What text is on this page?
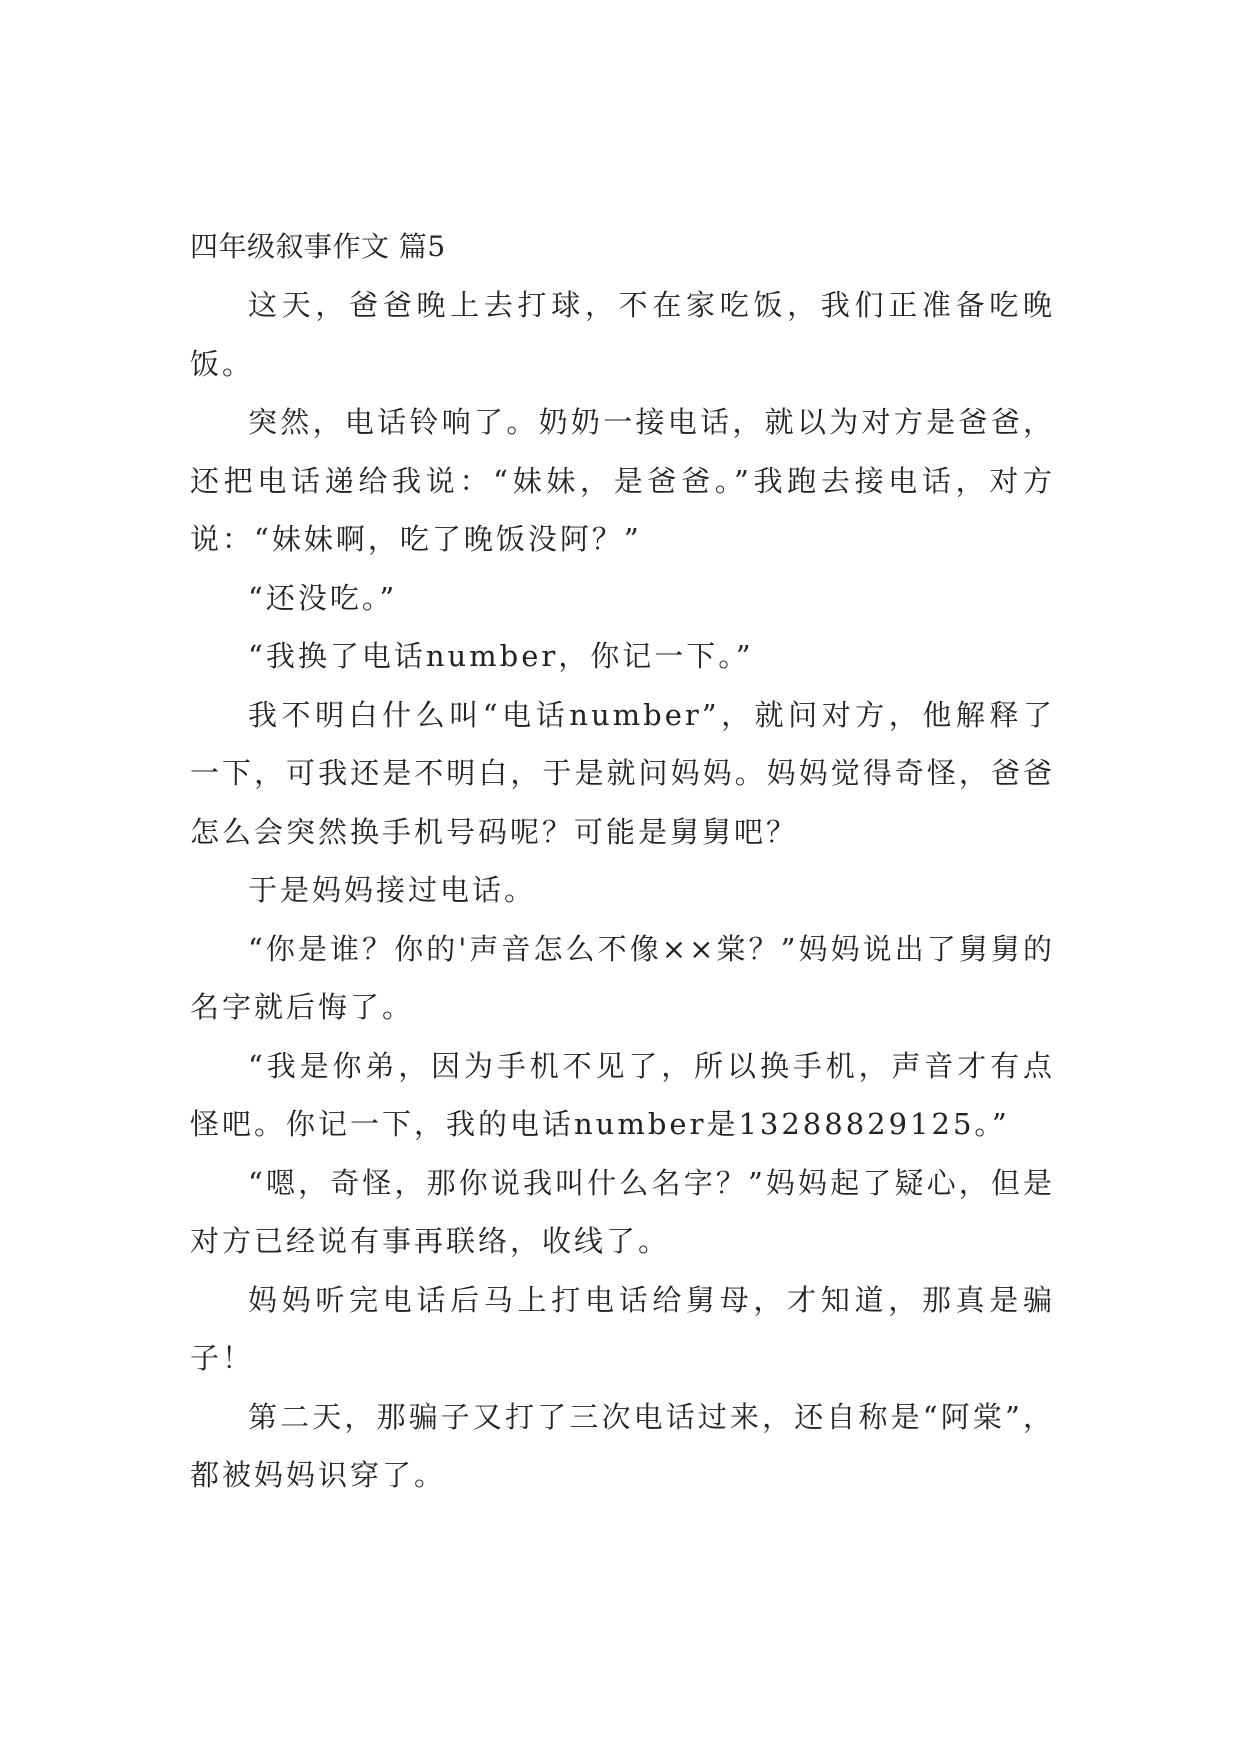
四年级叙事作文 篇5

这天，爸爸晚上去打球，不在家吃饭，我们正准备吃晚饭。

突然，电话铃响了。奶奶一接电话，就以为对方是爸爸，还把电话递给我说：“妹妹，是爸爸。”我跑去接电话，对方说：“妹妹啊，吃了晚饭没阿？”

“还没吃。”

“我换了电话number，你记一下。”

我不明白什么叫“电话number”，就问对方，他解释了一下，可我还是不明白，于是就问妈妈。妈妈觉得奇怪，爸爸怎么会突然换手机号码呢？可能是舅舅吧？

于是妈妈接过电话。

“你是谁？你的'声音怎么不像××棠？”妈妈说出了舅舅的名字就后悔了。

“我是你弟，因为手机不见了，所以换手机，声音才有点怪吧。你记一下，我的电话number是13288829125。”

“嗯，奇怪，那你说我叫什么名字？”妈妈起了疑心，但是对方已经说有事再联络，收线了。

妈妈听完电话后马上打电话给舅母，才知道，那真是骗子！

第二天，那骗子又打了三次电话过来，还自称是“阿棠”，都被妈妈识穿了。
